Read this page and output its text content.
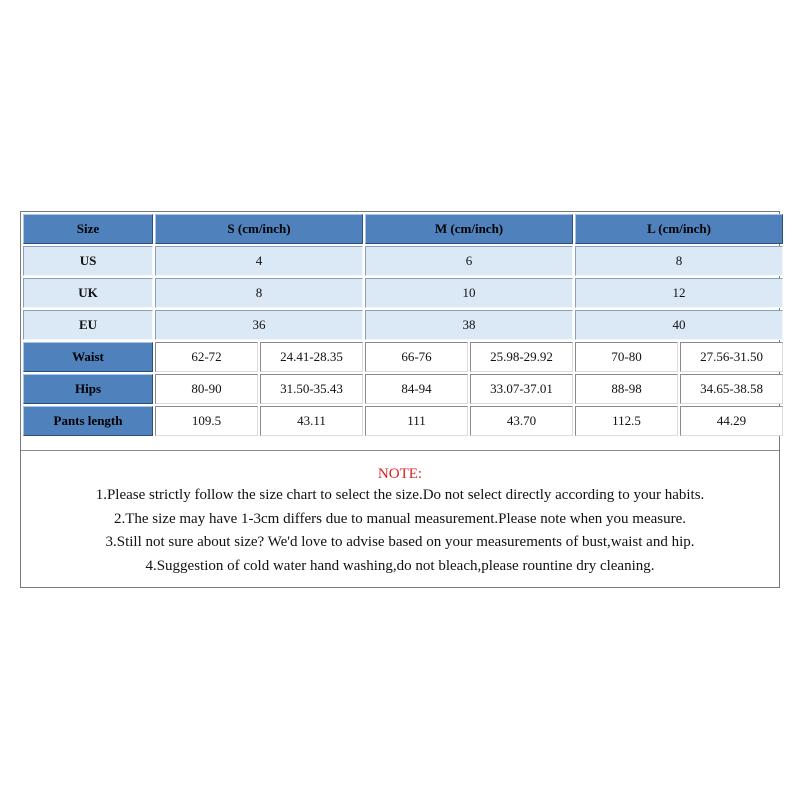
Size	S (cm/inch)		M (cm/inch)		L (cm/inch)	
US	4		6		8	
UK	8		10		12	
EU	36		38		40	
Waist	62-72	24.41-28.35	66-76	25.98-29.92	70-80	27.56-31.50
Hips	80-90	31.50-35.43	84-94	33.07-37.01	88-98	34.65-38.58
Pants length	109.5	43.11	111	43.70	112.5	44.29
NOTE:
1.Please strictly follow the size chart to select the size.Do not select directly according to your habits.
2.The size may have 1-3cm differs due to manual measurement.Please note when you measure.
3.Still not sure about size? We'd love to advise based on your measurements of bust,waist and hip.
4.Suggestion of cold water hand washing,do not bleach,please rountine dry cleaning.
